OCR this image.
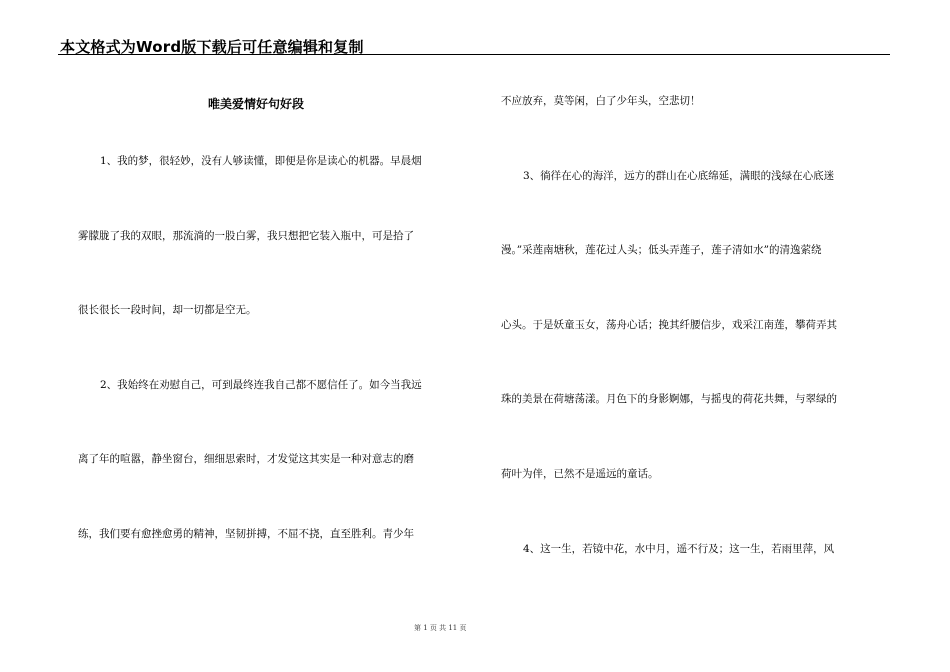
本文格式为Word版下载后可任意编辑和复制
唯美爱情好句好段
1、我的梦，很轻妙，没有人够读懂，即便是你是读心的机器。早晨烟
雾朦胧了我的双眼，那流淌的一股白雾，我只想把它装入瓶中，可是拾了
很长很长一段时间，却一切都是空无。
2、我始终在劝慰自己，可到最终连我自己都不愿信任了。如今当我远
离了年的喧嚣，静坐窗台，细细思索时，才发觉这其实是一种对意志的磨
练，我们要有愈挫愈勇的精神，坚韧拼搏，不屈不挠，直至胜利。青少年
不应放弃，莫等闲，白了少年头，空悲切！
3、徜徉在心的海洋，远方的群山在心底绵延，满眼的浅绿在心底迷
漫。”采莲南塘秋，莲花过人头；低头弄莲子，莲子清如水”的清逸萦绕
心头。于是妖童玉女，荡舟心话；挽其纤腰信步，戏采江南莲，攀荷弄其
珠的美景在荷塘荡漾。月色下的身影婀娜，与摇曳的荷花共舞，与翠绿的
荷叶为伴，已然不是遥远的童话。
4、这一生，若镜中花，水中月，遥不行及；这一生，若雨里萍，风
第 1 页 共 11 页
